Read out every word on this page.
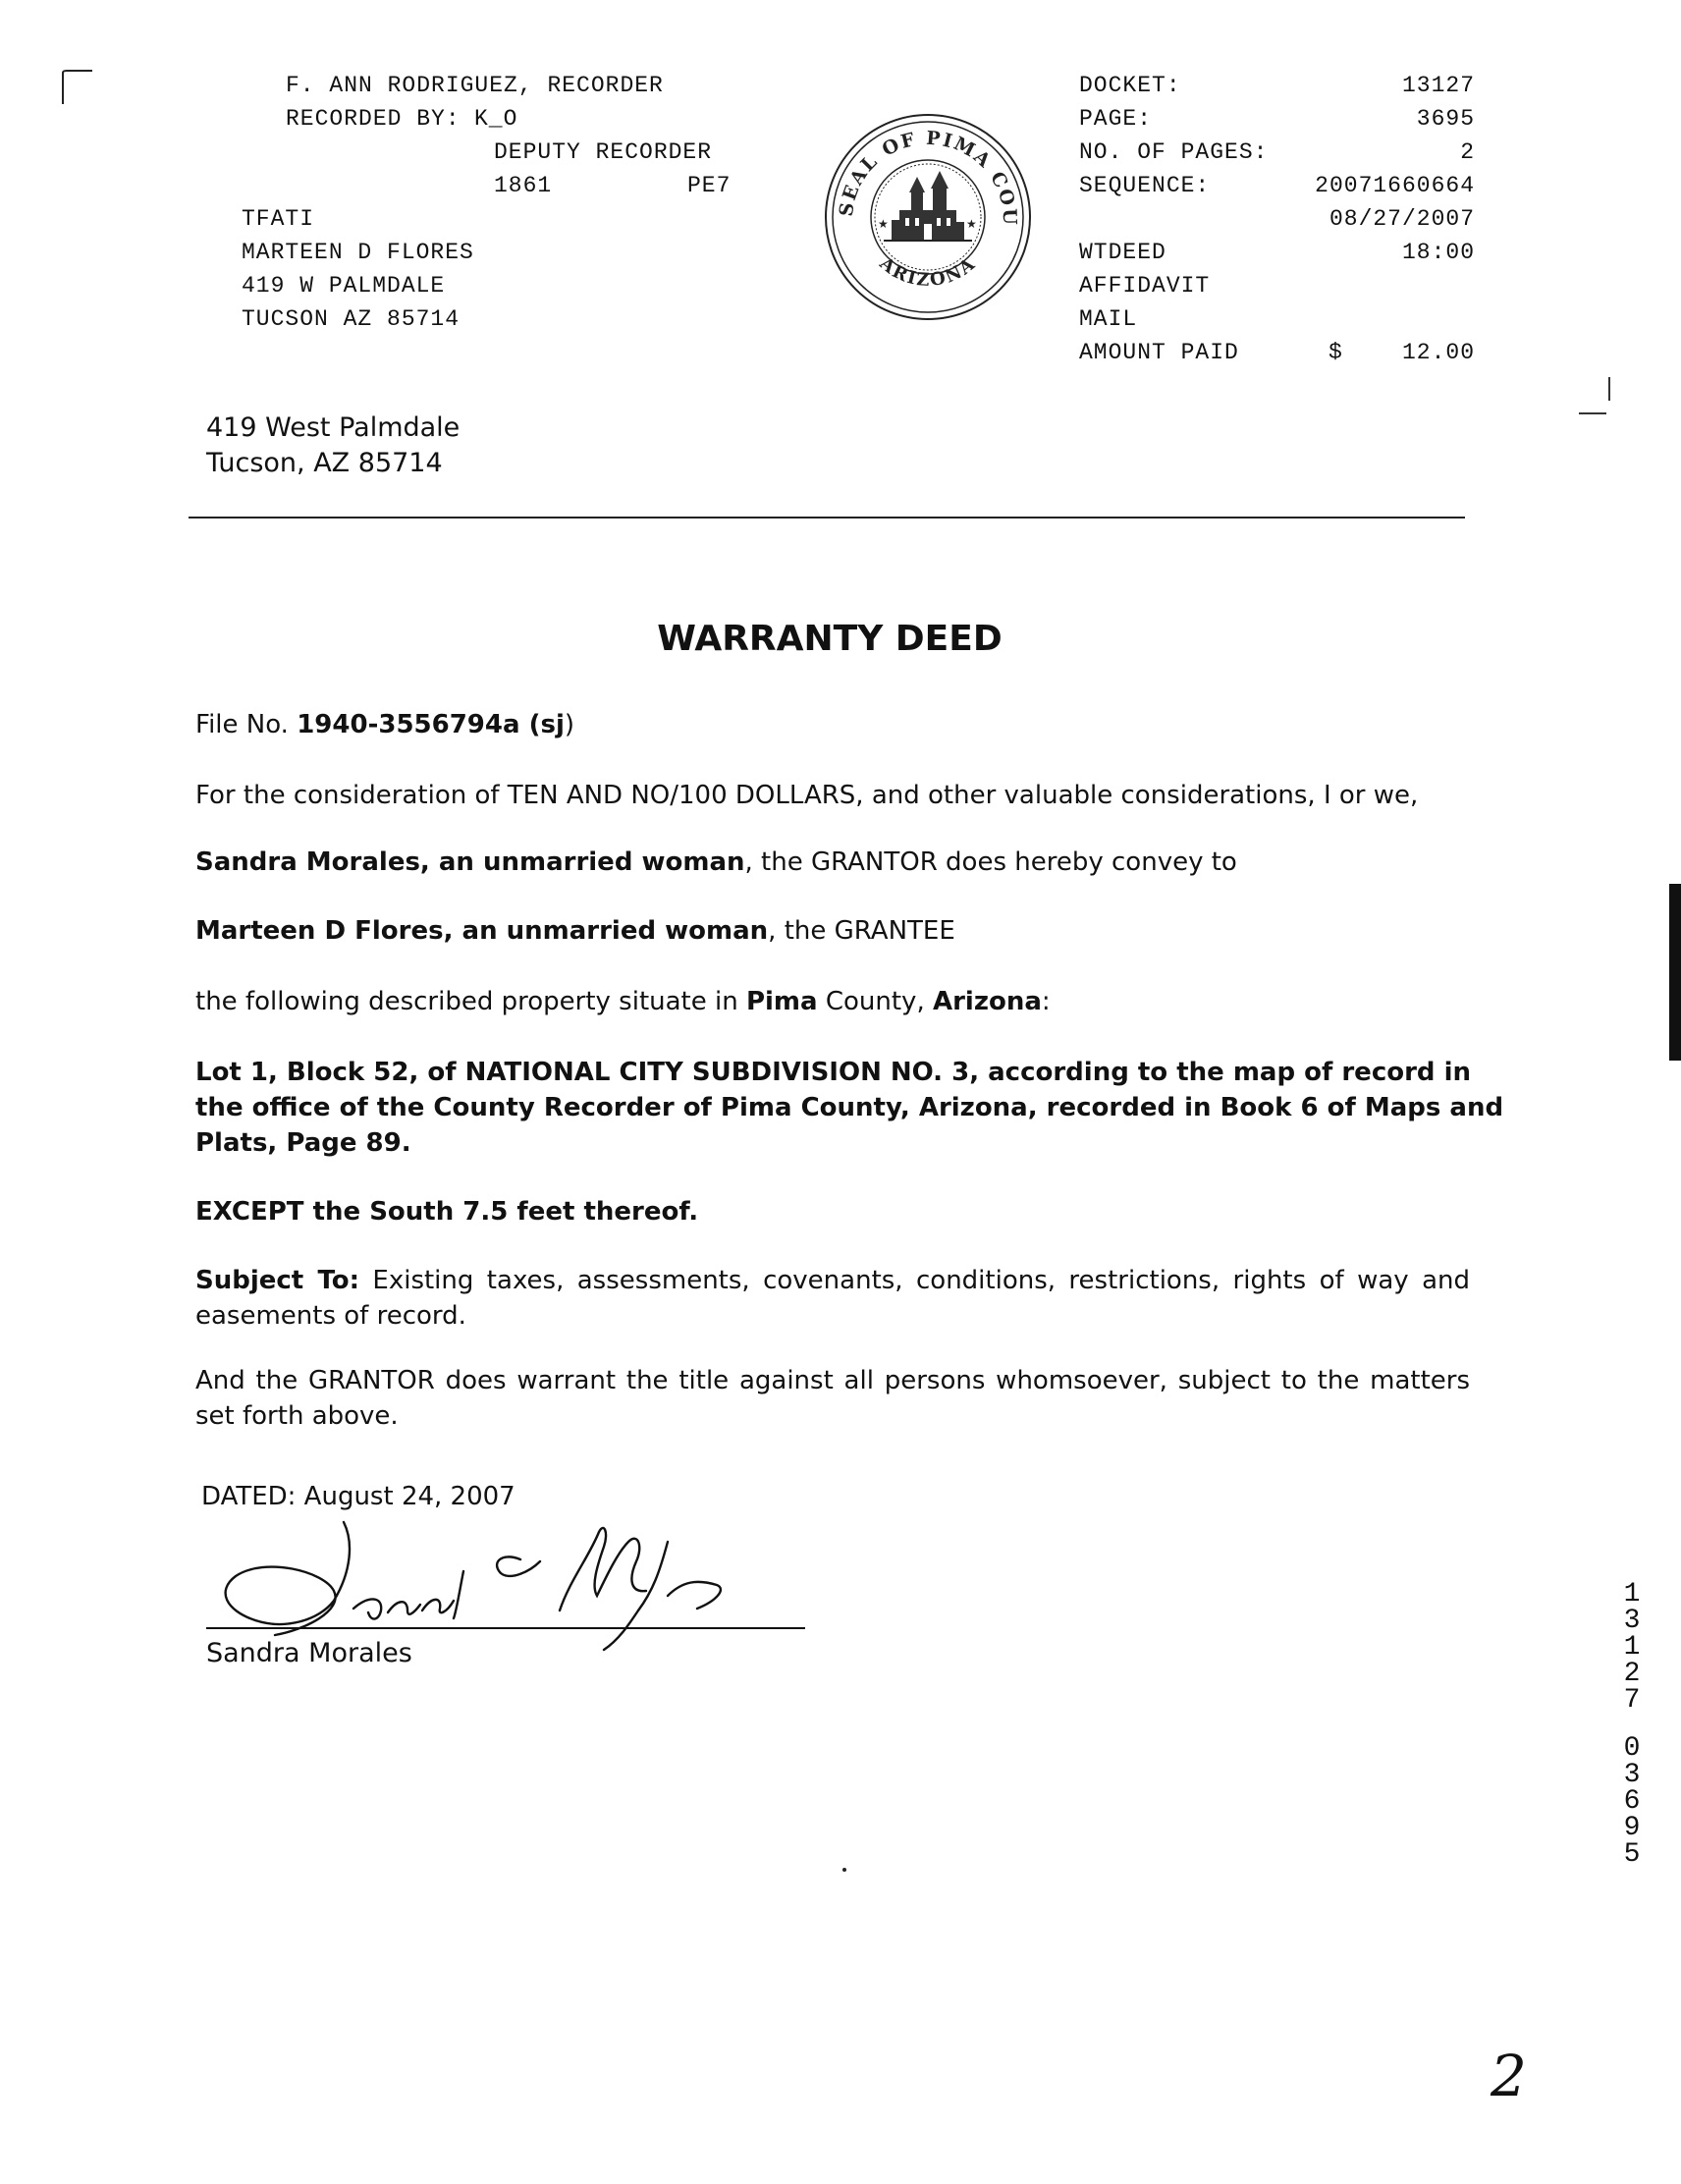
F. ANN RODRIGUEZ, RECORDER
RECORDED BY: K_O
DEPUTY RECORDER
1861	PE7
TFATI
MARTEEN D FLORES
419 W PALMDALE
TUCSON AZ 85714
SEAL OF PIMA COU
ARIZONA
★	★
DOCKET:	13127
PAGE:	3695
NO. OF PAGES:	2
SEQUENCE:	20071660664
08/27/2007
WTDEED	18:00
AFFIDAVIT
MAIL
AMOUNT PAID	$	12.00
419 West Palmdale
Tucson, AZ 85714
WARRANTY DEED
File No. 1940-3556794a (sj)
For the consideration of TEN AND NO/100 DOLLARS, and other valuable considerations, I or we,
Sandra Morales, an unmarried woman, the GRANTOR does hereby convey to
Marteen D Flores, an unmarried woman, the GRANTEE
the following described property situate in Pima County, Arizona:
Lot 1, Block 52, of NATIONAL CITY SUBDIVISION NO. 3, according to the map of record in
the office of the County Recorder of Pima County, Arizona, recorded in Book 6 of Maps and
Plats, Page 89.
EXCEPT the South 7.5 feet thereof.
Subject To: Existing taxes, assessments, covenants, conditions, restrictions, rights of way and easements of record.
And the GRANTOR does warrant the title against all persons whomsoever, subject to the matters set forth above.
DATED: August 24, 2007
Sandra Morales
1
3
1
2
7
0
3
6
9
5
2
